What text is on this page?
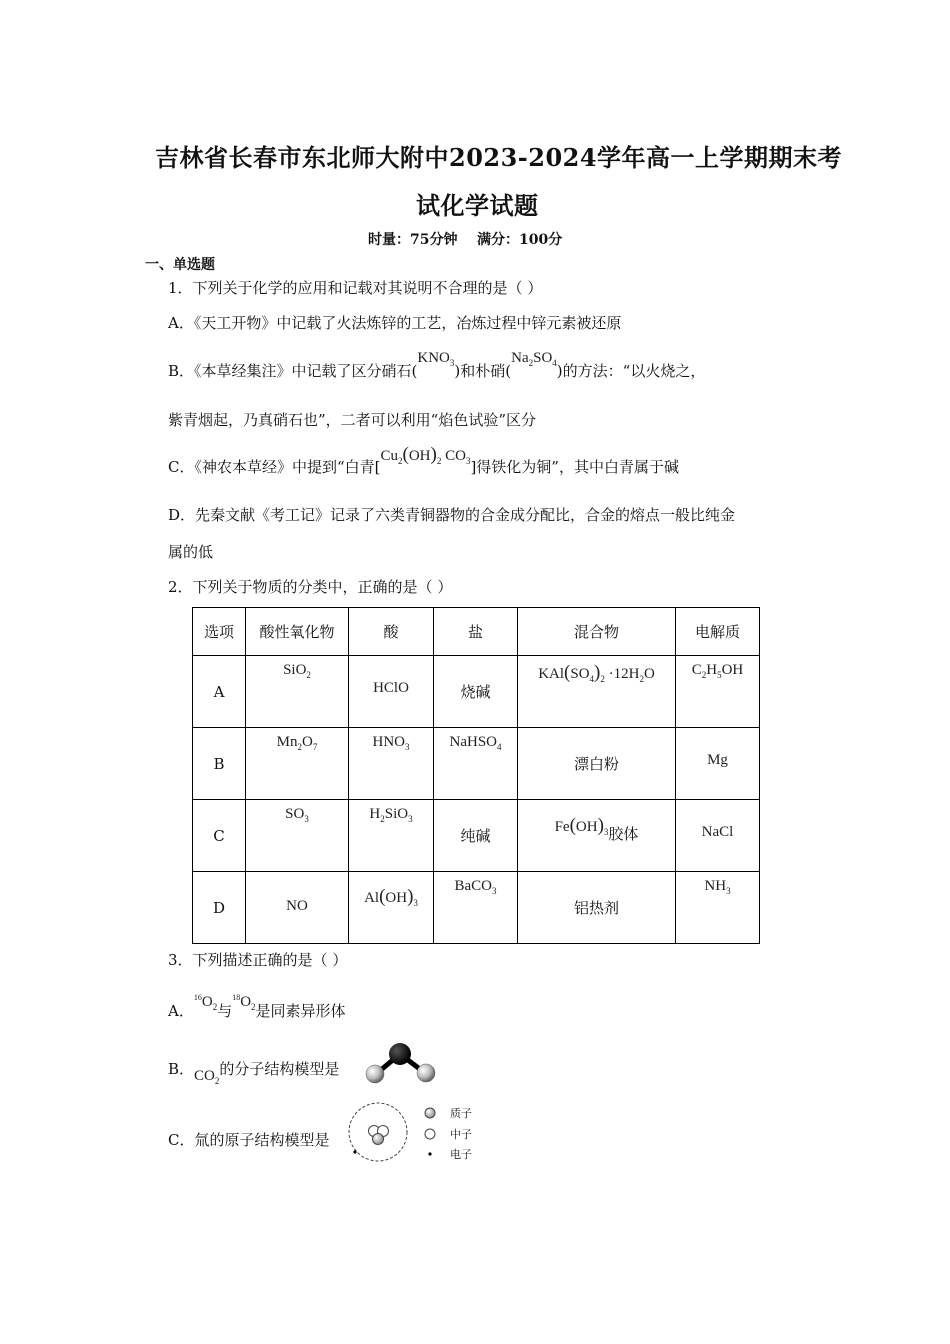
吉林省长春市东北师大附中2023-2024学年高一上学期期末考
试化学试题
时量：75分钟    满分：100分
一、单选题
1．下列关于化学的应用和记载对其说明不合理的是（ ）
A．《天工开物》中记载了火法炼锌的工艺，冶炼过程中锌元素被还原
B．《本草经集注》中记载了区分硝石$(KNO_3)$和朴硝$(Na_2SO_4)$的方法：“以火烧之，
紫青烟起，乃真硝石也”，二者可以利用“焰色试验”区分
C．《神农本草经》中提到“白青[$Cu_2(OH)_2$ $CO_3$]得铁化为铜”，其中白青属于碱
D．先秦文献《考工记》记录了六类青铜器物的合金成分配比，合金的熔点一般比纯金
属的低
2．下列关于物质的分类中，正确的是（ ）
选项	酸性氧化物	酸	盐	混合物	电解质
A	SiO$_2$	HClO	烧碱	$KAl(SO_4)_2 \cdot 12H_2O$	$C_2H_5OH$

B	$Mn_2O_7$	$HNO_3$	NaHSO$_4$	漂白粉	Mg
C	$SO_3$	$H_2SiO_3$	纯碱	$Fe(OH)_3$胶体	NaCl
D	NO	$Al(OH)_3$	BaCO$_3$	铝热剂	$NH_3$
3．下列描述正确的是（ ）
A．$^{16}O_2$与$^{18}O_2$是同素异形体
B．$CO_2$的分子结构模型是
C．氚的原子结构模型是
质子
中子
电子
